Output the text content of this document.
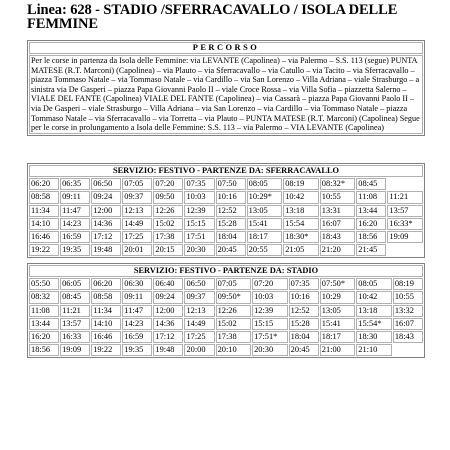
Linea: 628 - STADIO /SFERRACAVALLO / ISOLA DELLE FEMMINE
PERCORSO
Per le corse in partenza da Isola delle Femmine: via LEVANTE (Capolinea) – via Palermo – S.S. 113 (segue) PUNTA MATESE (R.T. Marconi) (Capolinea) – via Plauto – via Sferracavallo – via Catullo – via Tacito – via Sferracavallo – piazza Tommaso Natale – via Tommaso Natale – via Cardillo – via San Lorenzo – Villa Adriana – viale Strasburgo – a sinistra via De Gasperi – piazza Papa Giovanni Paolo II – viale Croce Rossa – via Villa Sofia – piazzetta Salerno – VIALE DEL FANTE (Capolinea) VIALE DEL FANTE (Capolinea) – via Cassarà – piazza Papa Giovanni Paolo II – via De Gasperi – viale Strasburgo – Villa Adriana – via San Lorenzo – via Cardillo – via Tommaso Natale – piazza Tommaso Natale – via Sferracavallo – via Torretta – via Plauto – PUNTA MATESE (R.T. Marconi) (Capolinea) Segue per le corse in prolungamento a Isola delle Femmine: S.S. 113 – via Palermo – VIA LEVANTE (Capolinea)
SERVIZIO: FESTIVO - PARTENZE DA: SFERRACAVALLO											
06:20	06:35	06:50	07:05	07:20	07:35	07:50	08:05	08:19	08:32*	08:45	
08:58	09:11	09:24	09:37	09:50	10:03	10:16	10:29*	10:42	10:55	11:08	11:21
11:34	11:47	12:00	12:13	12:26	12:39	12:52	13:05	13:18	13:31	13:44	13:57
14:10	14:23	14:36	14:49	15:02	15:15	15:28	15:41	15:54	16:07	16:20	16:33*
16:46	16:59	17:12	17:25	17:38	17:51	18:04	18:17	18:30*	18:43	18:56	19:09
19:22	19:35	19:48	20:01	20:15	20:30	20:45	20:55	21:05	21:20	21:45	
SERVIZIO: FESTIVO - PARTENZE DA: STADIO											
05:50	06:05	06:20	06:30	06:40	06:50	07:05	07:20	07:35	07:50*	08:05	08:19
08:32	08:45	08:58	09:11	09:24	09:37	09:50*	10:03	10:16	10:29	10:42	10:55
11:08	11:21	11:34	11:47	12:00	12:13	12:26	12:39	12:52	13:05	13:18	13:32
13:44	13:57	14:10	14:23	14:36	14:49	15:02	15:15	15:28	15:41	15:54*	16:07
16:20	16:33	16:46	16:59	17:12	17:25	17:38	17:51*	18:04	18:17	18:30	18:43
18:56	19:09	19:22	19:35	19:48	20:00	20:10	20:30	20:45	21:00	21:10	
